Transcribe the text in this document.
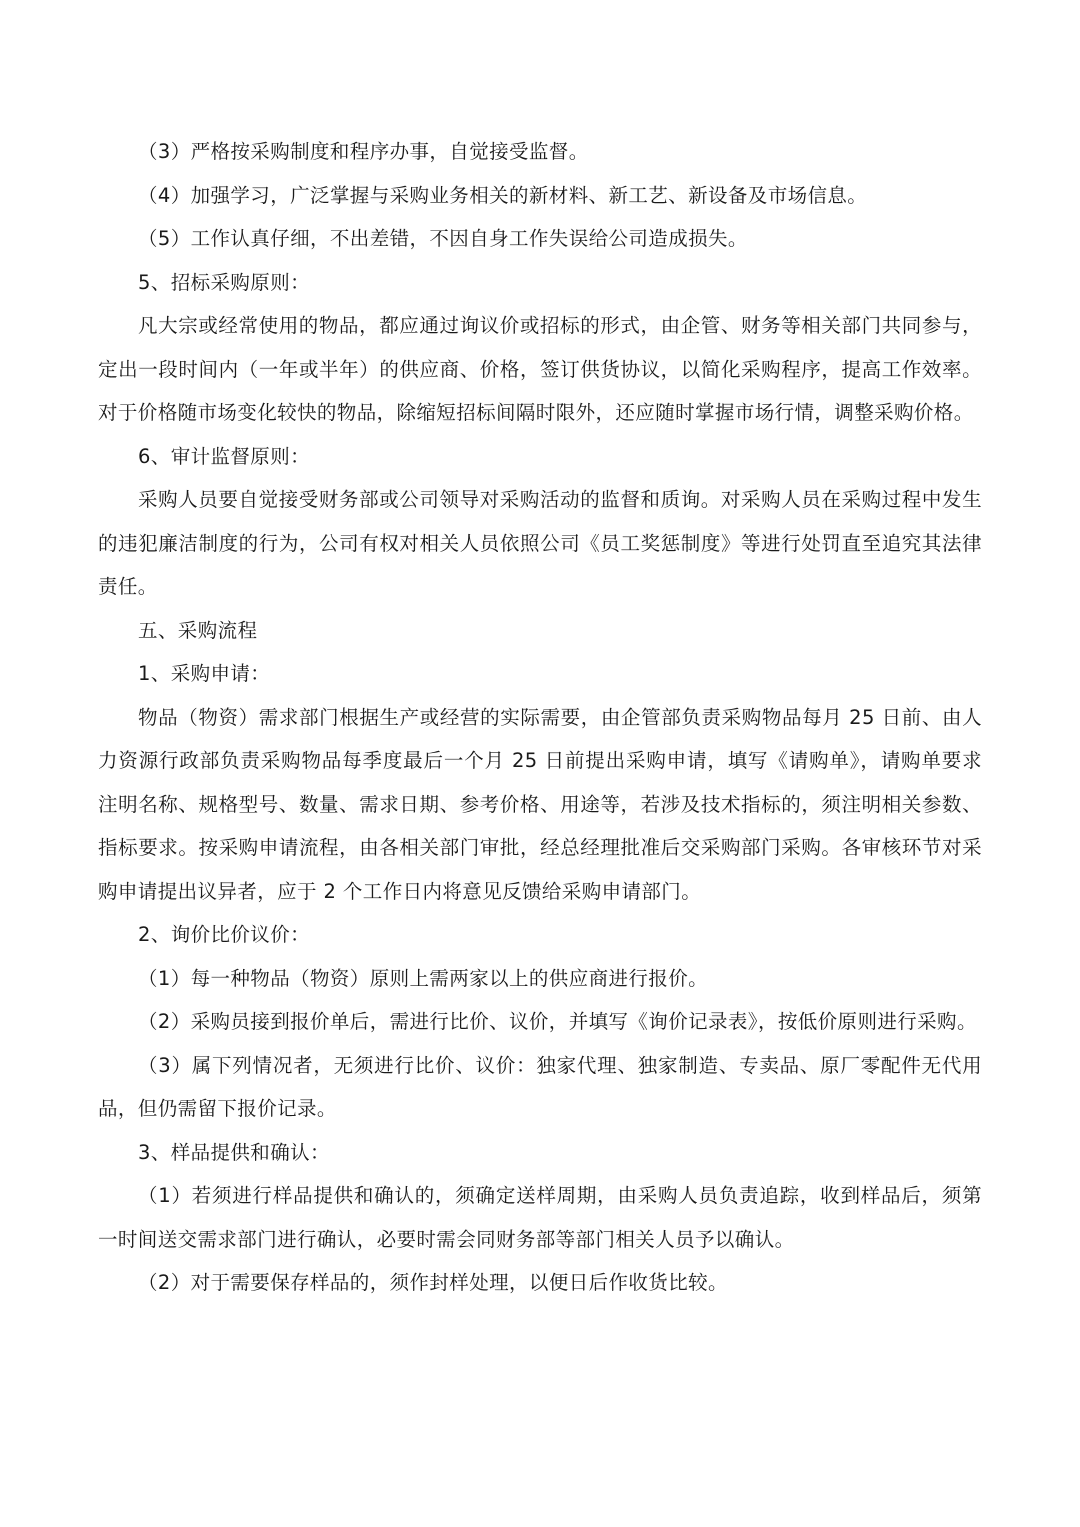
（3）严格按采购制度和程序办事，自觉接受监督。

（4）加强学习，广泛掌握与采购业务相关的新材料、新工艺、新设备及市场信息。

（5）工作认真仔细，不出差错，不因自身工作失误给公司造成损失。

5、招标采购原则：

凡大宗或经常使用的物品，都应通过询议价或招标的形式，由企管、财务等相关部门共同参与，定出一段时间内（一年或半年）的供应商、价格，签订供货协议，以简化采购程序，提高工作效率。对于价格随市场变化较快的物品，除缩短招标间隔时限外，还应随时掌握市场行情，调整采购价格。

6、审计监督原则：

采购人员要自觉接受财务部或公司领导对采购活动的监督和质询。对采购人员在采购过程中发生的违犯廉洁制度的行为，公司有权对相关人员依照公司《员工奖惩制度》等进行处罚直至追究其法律责任。

五、采购流程

1、采购申请：

物品（物资）需求部门根据生产或经营的实际需要，由企管部负责采购物品每月 25 日前、由人力资源行政部负责采购物品每季度最后一个月 25 日前提出采购申请，填写《请购单》，请购单要求注明名称、规格型号、数量、需求日期、参考价格、用途等，若涉及技术指标的，须注明相关参数、指标要求。按采购申请流程，由各相关部门审批，经总经理批准后交采购部门采购。各审核环节对采购申请提出议异者，应于 2 个工作日内将意见反馈给采购申请部门。

2、询价比价议价：

（1）每一种物品（物资）原则上需两家以上的供应商进行报价。

（2）采购员接到报价单后，需进行比价、议价，并填写《询价记录表》，按低价原则进行采购。

（3）属下列情况者，无须进行比价、议价：独家代理、独家制造、专卖品、原厂零配件无代用品，但仍需留下报价记录。

3、样品提供和确认：

（1）若须进行样品提供和确认的，须确定送样周期，由采购人员负责追踪，收到样品后，须第一时间送交需求部门进行确认，必要时需会同财务部等部门相关人员予以确认。

（2）对于需要保存样品的，须作封样处理，以便日后作收货比较。
